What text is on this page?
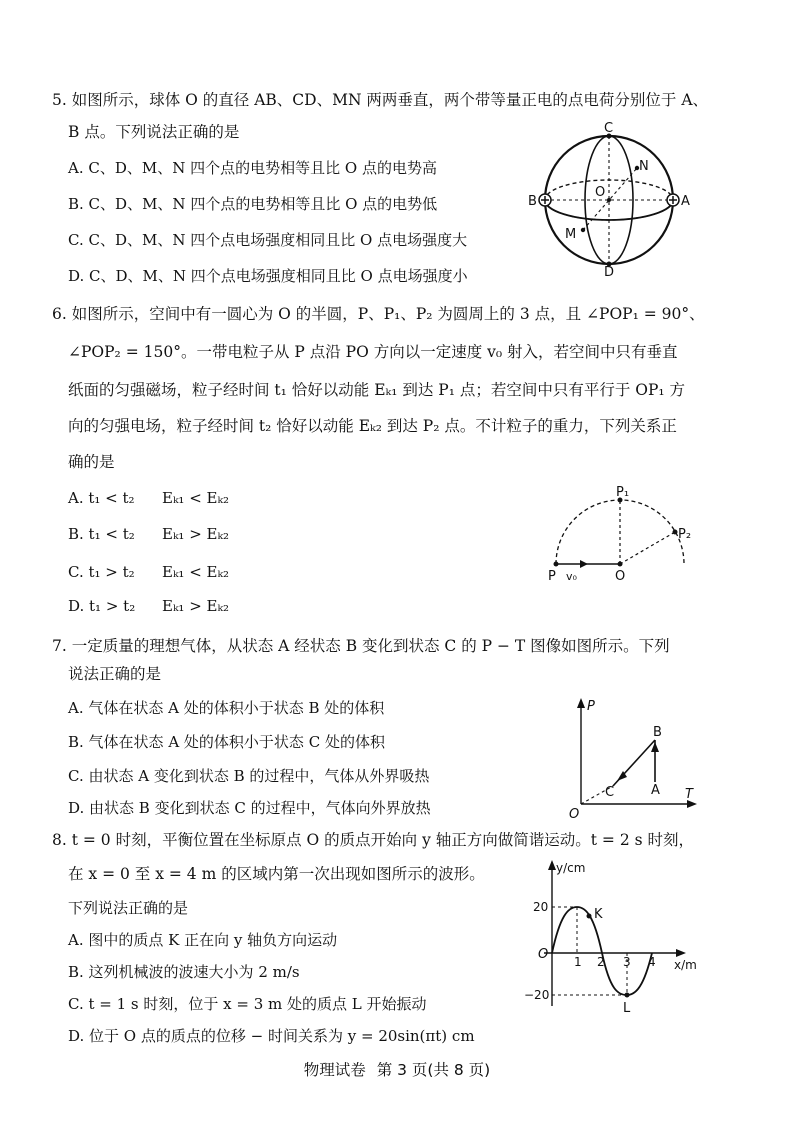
5. 如图所示，球体 O 的直径 AB、CD、MN 两两垂直，两个带等量正电的点电荷分别位于 A、
B 点。下列说法正确的是
A. C、D、M、N 四个点的电势相等且比 O 点的电势高
B. C、D、M、N 四个点的电势相等且比 O 点的电势低
C. C、D、M、N 四个点电场强度相同且比 O 点电场强度大
D. C、D、M、N 四个点电场强度相同且比 O 点电场强度小
C
D
A
B
O
M
N
6. 如图所示，空间中有一圆心为 O 的半圆，P、P₁、P₂ 为圆周上的 3 点，且 ∠POP₁ = 90°、
∠POP₂ = 150°。一带电粒子从 P 点沿 PO 方向以一定速度 v₀ 射入，若空间中只有垂直
纸面的匀强磁场，粒子经时间 t₁ 恰好以动能 Eₖ₁ 到达 P₁ 点；若空间中只有平行于 OP₁ 方
向的匀强电场，粒子经时间 t₂ 恰好以动能 Eₖ₂ 到达 P₂ 点。不计粒子的重力，下列关系正
确的是
A. t₁ < t₂ Eₖ₁ < Eₖ₂
B. t₁ < t₂ Eₖ₁ > Eₖ₂
C. t₁ > t₂ Eₖ₁ < Eₖ₂
D. t₁ > t₂ Eₖ₁ > Eₖ₂
P v₀	O
P₁
P₂
7. 一定质量的理想气体，从状态 A 经状态 B 变化到状态 C 的 P − T 图像如图所示。下列
说法正确的是
A. 气体在状态 A 处的体积小于状态 B 处的体积
B. 气体在状态 A 处的体积小于状态 C 处的体积
C. 由状态 A 变化到状态 B 的过程中，气体从外界吸热
D. 由状态 B 变化到状态 C 的过程中，气体向外界放热
P
T
O
A
B
C
8. t = 0 时刻，平衡位置在坐标原点 O 的质点开始向 y 轴正方向做简谐运动。t = 2 s 时刻，
在 x = 0 至 x = 4 m 的区域内第一次出现如图所示的波形。
下列说法正确的是
A. 图中的质点 K 正在向 y 轴负方向运动
B. 这列机械波的波速大小为 2 m/s
C. t = 1 s 时刻，位于 x = 3 m 处的质点 L 开始振动
D. 位于 O 点的质点的位移 − 时间关系为 y = 20sin(πt) cm
y/cm
x/m
20
−20
O 1 2 3 4
K
L
物理试卷 第 3 页(共 8 页)
